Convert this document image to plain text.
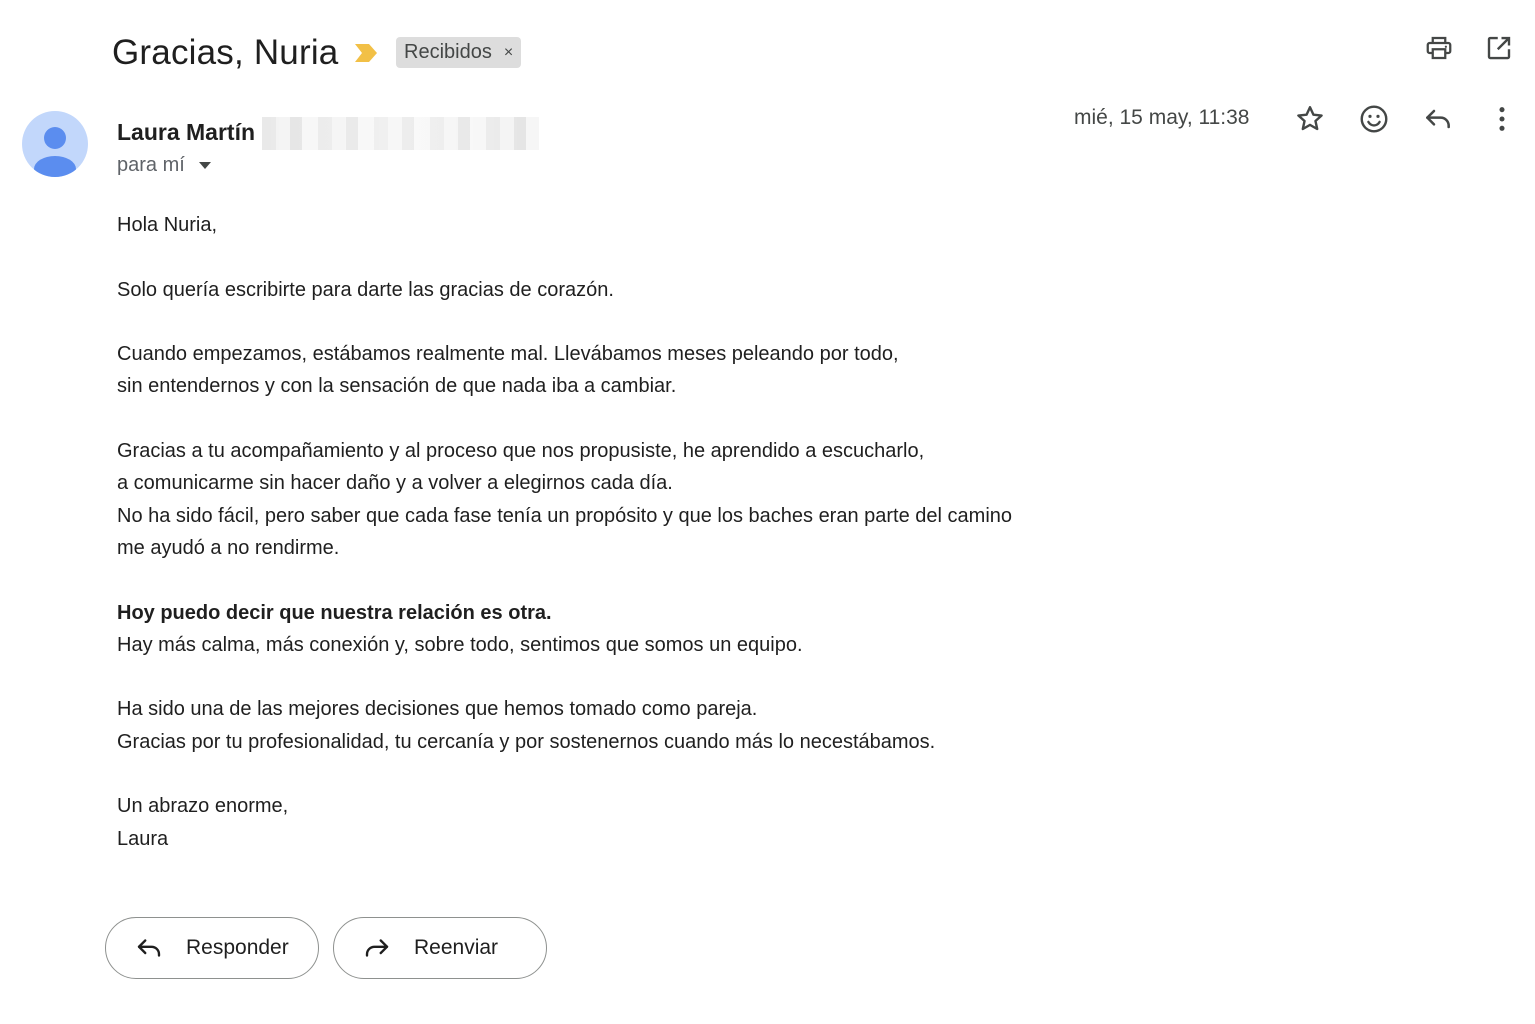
Gracias, Nuria	Recibidos ×
Laura Martín
para mí
mié, 15 may, 11:38

Hola Nuria,

Solo quería escribirte para darte las gracias de corazón.

Cuando empezamos, estábamos realmente mal. Llevábamos meses peleando por todo,
sin entendernos y con la sensación de que nada iba a cambiar.

Gracias a tu acompañamiento y al proceso que nos propusiste, he aprendido a escucharlo,
a comunicarme sin hacer daño y a volver a elegirnos cada día.
No ha sido fácil, pero saber que cada fase tenía un propósito y que los baches eran parte del camino
me ayudó a no rendirme.

Hoy puedo decir que nuestra relación es otra.
Hay más calma, más conexión y, sobre todo, sentimos que somos un equipo.

Ha sido una de las mejores decisiones que hemos tomado como pareja.
Gracias por tu profesionalidad, tu cercanía y por sostenernos cuando más lo necestábamos.

Un abrazo enorme,
Laura

Responder	Reenviar
